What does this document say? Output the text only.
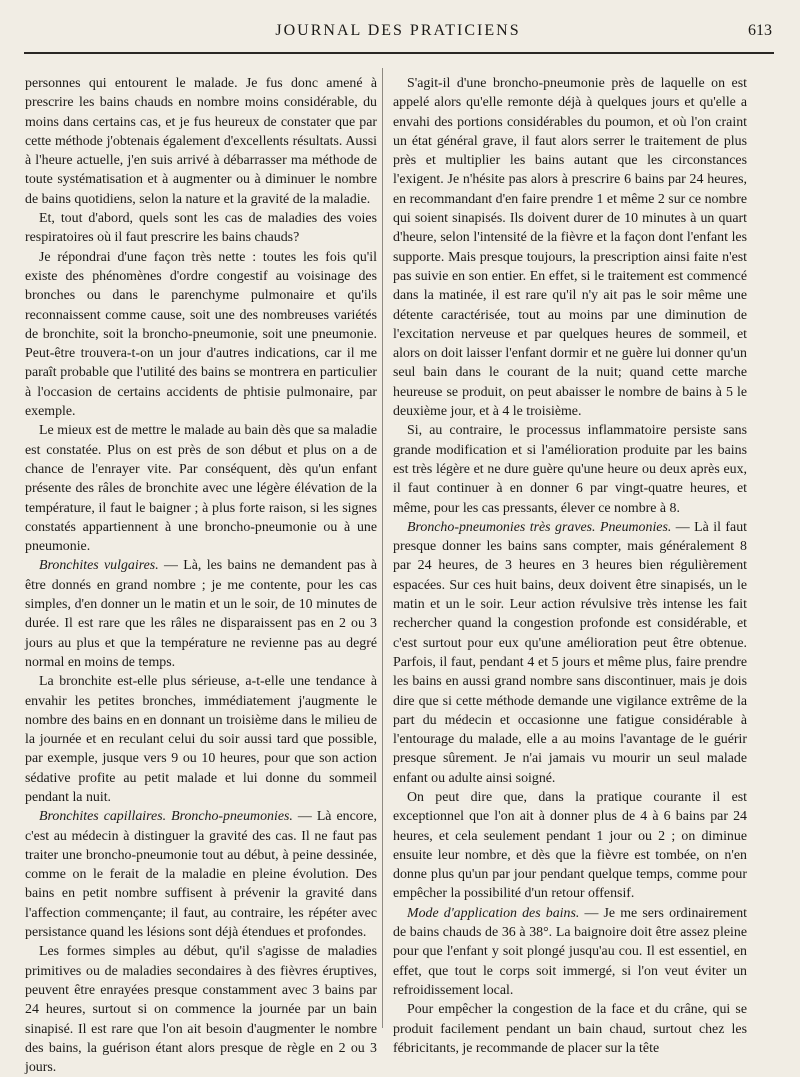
JOURNAL DES PRATICIENS	613

personnes qui entourent le malade. Je fus donc amené à prescrire les bains chauds en nombre moins considérable, du moins dans certains cas, et je fus heureux de constater que par cette méthode j'obtenais également d'excellents résultats. Aussi à l'heure actuelle, j'en suis arrivé à débarrasser ma méthode de toute systématisation et à augmenter ou à diminuer le nombre de bains quotidiens, selon la nature et la gravité de la maladie.

Et, tout d'abord, quels sont les cas de maladies des voies respiratoires où il faut prescrire les bains chauds?

Je répondrai d'une façon très nette : toutes les fois qu'il existe des phénomènes d'ordre congestif au voisinage des bronches ou dans le parenchyme pulmonaire et qu'ils reconnaissent comme cause, soit une des nombreuses variétés de bronchite, soit la broncho-pneumonie, soit une pneumonie. Peut-être trouvera-t-on un jour d'autres indications, car il me paraît probable que l'utilité des bains se montrera en particulier à l'occasion de certains accidents de phtisie pulmonaire, par exemple.

Le mieux est de mettre le malade au bain dès que sa maladie est constatée. Plus on est près de son début et plus on a de chance de l'enrayer vite. Par conséquent, dès qu'un enfant présente des râles de bronchite avec une légère élévation de la température, il faut le baigner ; à plus forte raison, si les signes constatés appartiennent à une broncho-pneumonie ou à une pneumonie.

Bronchites vulgaires. — Là, les bains ne demandent pas à être donnés en grand nombre ; je me contente, pour les cas simples, d'en donner un le matin et un le soir, de 10 minutes de durée. Il est rare que les râles ne disparaissent pas en 2 ou 3 jours au plus et que la température ne revienne pas au degré normal en moins de temps.

La bronchite est-elle plus sérieuse, a-t-elle une tendance à envahir les petites bronches, immédiatement j'augmente le nombre des bains en en donnant un troisième dans le milieu de la journée et en reculant celui du soir aussi tard que possible, par exemple, jusque vers 9 ou 10 heures, pour que son action sédative profite au petit malade et lui donne du sommeil pendant la nuit.

Bronchites capillaires. Broncho-pneumonies. — Là encore, c'est au médecin à distinguer la gravité des cas. Il ne faut pas traiter une broncho-pneumonie tout au début, à peine dessinée, comme on le ferait de la maladie en pleine évolution. Des bains en petit nombre suffisent à prévenir la gravité dans l'affection commençante; il faut, au contraire, les répéter avec persistance quand les lésions sont déjà étendues et profondes.

Les formes simples au début, qu'il s'agisse de maladies primitives ou de maladies secondaires à des fièvres éruptives, peuvent être enrayées presque constamment avec 3 bains par 24 heures, surtout si on commence la journée par un bain sinapisé. Il est rare que l'on ait besoin d'augmenter le nombre des bains, la guérison étant alors presque de règle en 2 ou 3 jours.

S'agit-il d'une broncho-pneumonie près de laquelle on est appelé alors qu'elle remonte déjà à quelques jours et qu'elle a envahi des portions considérables du poumon, et où l'on craint un état général grave, il faut alors serrer le traitement de plus près et multiplier les bains autant que les circonstances l'exigent. Je n'hésite pas alors à prescrire 6 bains par 24 heures, en recommandant d'en faire prendre 1 et même 2 sur ce nombre qui soient sinapisés. Ils doivent durer de 10 minutes à un quart d'heure, selon l'intensité de la fièvre et la façon dont l'enfant les supporte. Mais presque toujours, la prescription ainsi faite n'est pas suivie en son entier. En effet, si le traitement est commencé dans la matinée, il est rare qu'il n'y ait pas le soir même une détente caractérisée, tout au moins par une diminution de l'excitation nerveuse et par quelques heures de sommeil, et alors on doit laisser l'enfant dormir et ne guère lui donner qu'un seul bain dans le courant de la nuit; quand cette marche heureuse se produit, on peut abaisser le nombre de bains à 5 le deuxième jour, et à 4 le troisième.

Si, au contraire, le processus inflammatoire persiste sans grande modification et si l'amélioration produite par les bains est très légère et ne dure guère qu'une heure ou deux après eux, il faut continuer à en donner 6 par vingt-quatre heures, et même, pour les cas pressants, élever ce nombre à 8.

Broncho-pneumonies très graves. Pneumonies. — Là il faut presque donner les bains sans compter, mais généralement 8 par 24 heures, de 3 heures en 3 heures bien régulièrement espacées. Sur ces huit bains, deux doivent être sinapisés, un le matin et un le soir. Leur action révulsive très intense les fait rechercher quand la congestion profonde est considérable, et c'est surtout pour eux qu'une amélioration peut être obtenue. Parfois, il faut, pendant 4 et 5 jours et même plus, faire prendre les bains en aussi grand nombre sans discontinuer, mais je dois dire que si cette méthode demande une vigilance extrême de la part du médecin et occasionne une fatigue considérable à l'entourage du malade, elle a au moins l'avantage de le guérir presque sûrement. Je n'ai jamais vu mourir un seul malade enfant ou adulte ainsi soigné.

On peut dire que, dans la pratique courante il est exceptionnel que l'on ait à donner plus de 4 à 6 bains par 24 heures, et cela seulement pendant 1 jour ou 2 ; on diminue ensuite leur nombre, et dès que la fièvre est tombée, on n'en donne plus qu'un par jour pendant quelque temps, comme pour empêcher la possibilité d'un retour offensif.

Mode d'application des bains. — Je me sers ordinairement de bains chauds de 36 à 38°. La baignoire doit être assez pleine pour que l'enfant y soit plongé jusqu'au cou. Il est essentiel, en effet, que tout le corps soit immergé, si l'on veut éviter un refroidissement local.

Pour empêcher la congestion de la face et du crâne, qui se produit facilement pendant un bain chaud, surtout chez les fébricitants, je recommande de placer sur la tête
